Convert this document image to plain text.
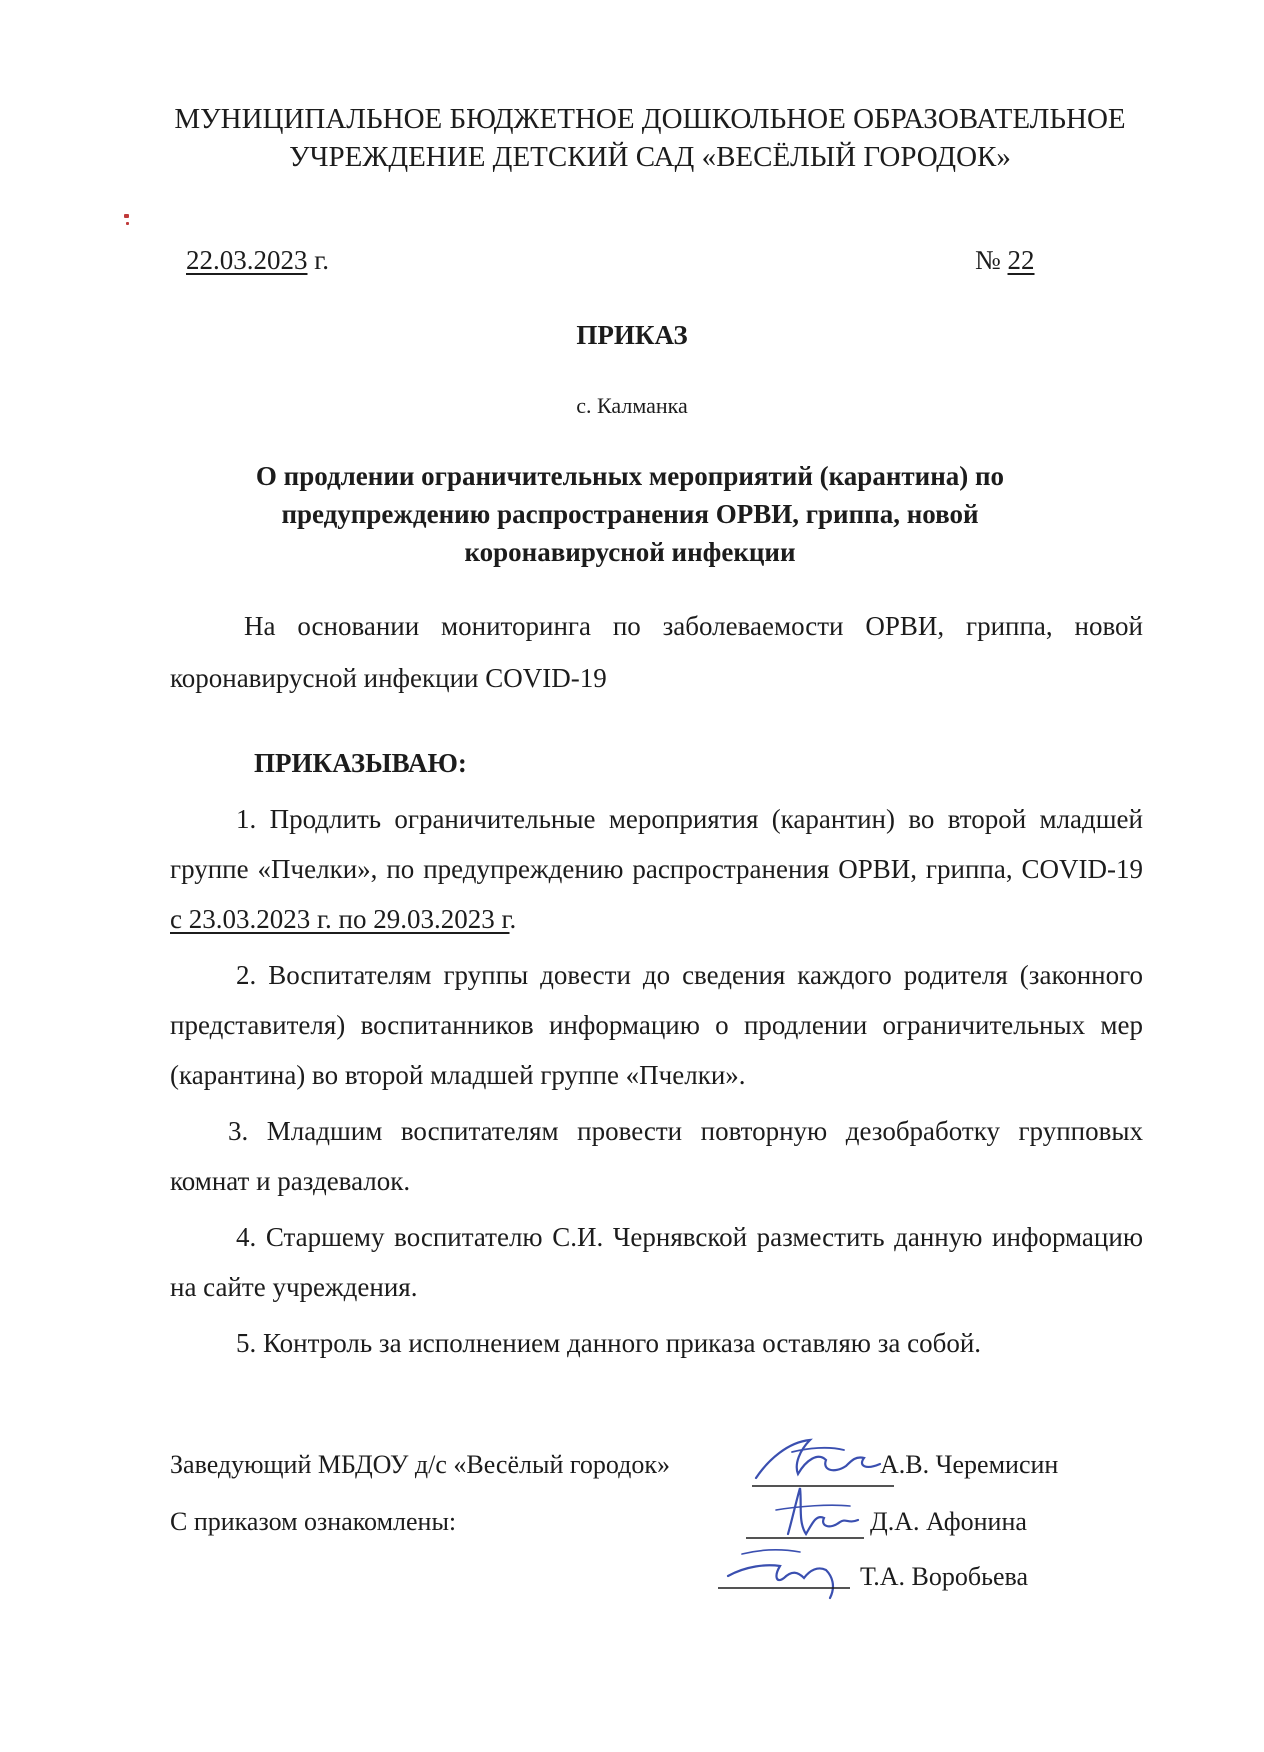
МУНИЦИПАЛЬНОЕ БЮДЖЕТНОЕ ДОШКОЛЬНОЕ ОБРАЗОВАТЕЛЬНОЕ
УЧРЕЖДЕНИЕ ДЕТСКИЙ САД «ВЕСЁЛЫЙ ГОРОДОК»
22.03.2023 г.	№ 22
ПРИКАЗ
с. Калманка
О продлении ограничительных мероприятий (карантина) по предупреждению распространения ОРВИ, гриппа, новой коронавирусной инфекции
На основании мониторинга по заболеваемости ОРВИ, гриппа, новой коронавирусной инфекции COVID-19
ПРИКАЗЫВАЮ:
1. Продлить ограничительные мероприятия (карантин) во второй младшей группе «Пчелки», по предупреждению распространения ОРВИ, гриппа, COVID-19 с 23.03.2023 г. по 29.03.2023 г.
2. Воспитателям группы довести до сведения каждого родителя (законного представителя) воспитанников информацию о продлении ограничительных мер (карантина) во второй младшей группе «Пчелки».
3. Младшим воспитателям провести повторную дезобработку групповых комнат и раздевалок.
4. Старшему воспитателю С.И. Чернявской разместить данную информацию на сайте учреждения.
5. Контроль за исполнением данного приказа оставляю за собой.
Заведующий МБДОУ д/с «Весёлый городок»
С приказом ознакомлены:
А.В. Черемисин
Д.А. Афонина
Т.А. Воробьева
